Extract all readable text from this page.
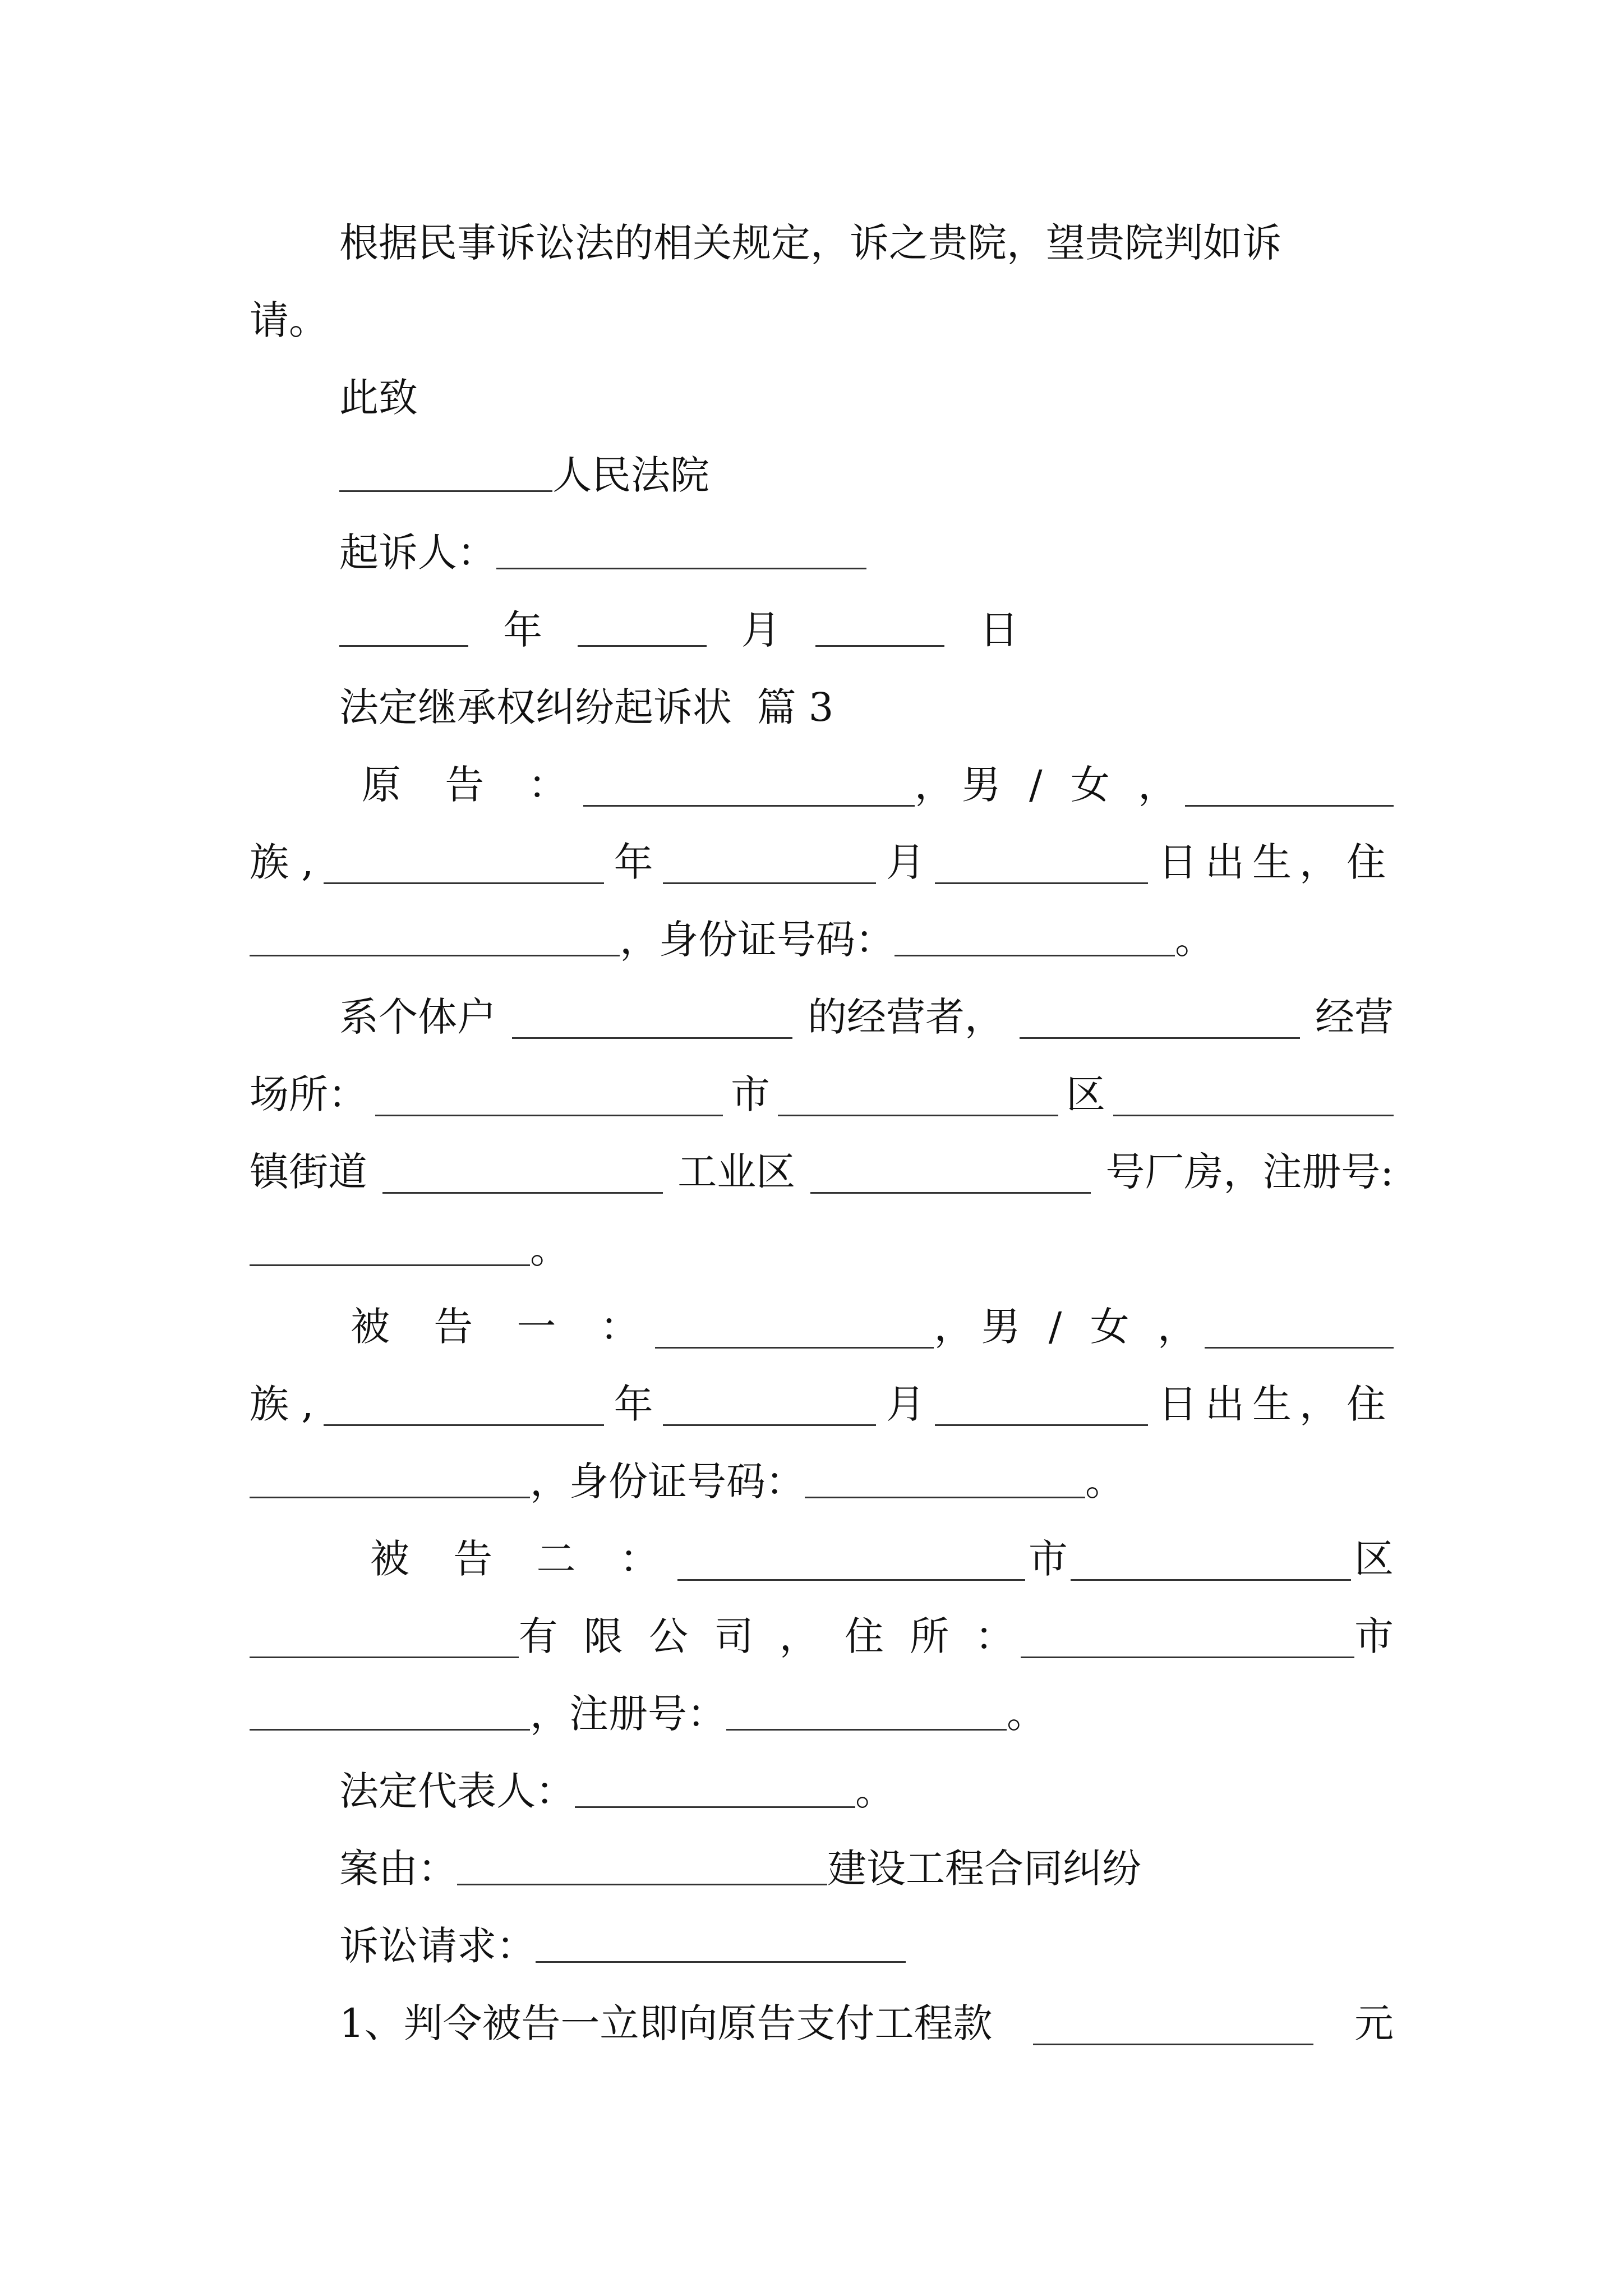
根据民事诉讼法的相关规定，诉之贵院，望贵院判如诉
请。
此致
人民法院
起诉人：
年	月	日
法定继承权纠纷起诉状  篇 3
原 告 ：	，男 / 女 ，
族 ,	年	月	日出生，住
，身份证号码：	。
系个体户	的经营者，	经营
场所：	市	区
镇街道	工业区	号厂房，注册号:
。
被 告 一 ：	，男 / 女 ，
族 ,	年	月	日出生，住
，身份证号码：	。
被 告 二 ：	市	区
有 限 公 司 ， 住 所 ：	市
，注册号：	。
法定代表人：	。
案由：	建设工程合同纠纷
诉讼请求：
1、判令被告一立即向原告支付工程款	元
